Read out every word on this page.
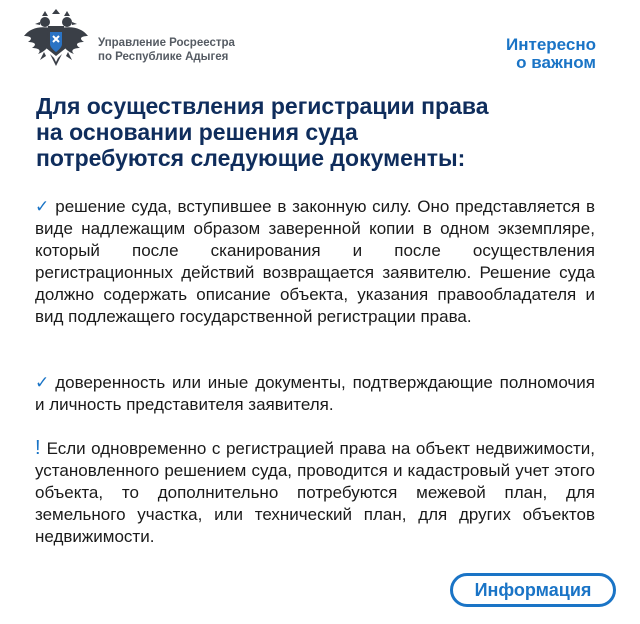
Управление Росреестра
по Республике Адыгея
Интересно
о важном
Для осуществления регистрации права
на основании решения суда
потребуются следующие документы:

✓ решение суда, вступившее в законную силу. Оно представляется в виде надлежащим образом заверенной копии в одном экземпляре, который после сканирования и после осуществления регистрационных действий возвращается заявителю. Решение суда должно содержать описание объекта, указания правообладателя и вид подлежащего государственной регистрации права.

✓ доверенность или иные документы, подтверждающие полномочия и личность представителя заявителя.

! Если одновременно с регистрацией права на объект недвижимости, установленного решением суда, проводится и кадастровый учет этого объекта, то дополнительно потребуются межевой план, для земельного участка, или технический план, для других объектов недвижимости.

Информация
